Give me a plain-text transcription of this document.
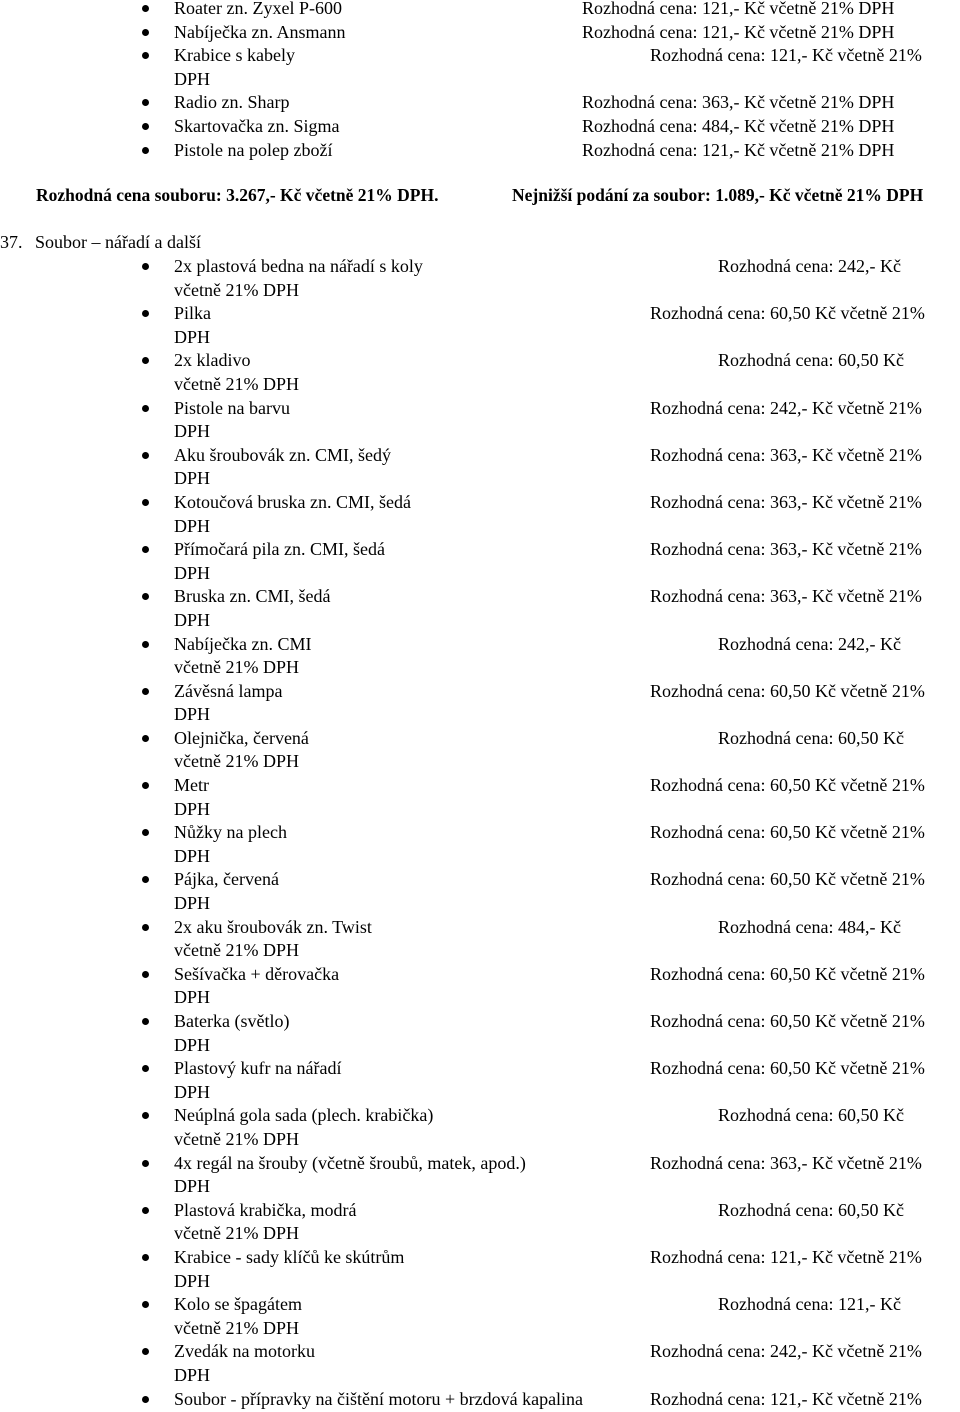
• Roater zn. Zyxel P-600	Rozhodná cena: 121,- Kč včetně 21% DPH
• Nabíječka zn. Ansmann	Rozhodná cena: 121,- Kč včetně 21% DPH
• Krabice s kabely	Rozhodná cena: 121,- Kč včetně 21%
DPH
• Radio zn. Sharp	Rozhodná cena: 363,- Kč včetně 21% DPH
• Skartovačka zn. Sigma	Rozhodná cena: 484,- Kč včetně 21% DPH
• Pistole na polep zboží	Rozhodná cena: 121,- Kč včetně 21% DPH
Rozhodná cena souboru: 3.267,- Kč včetně 21% DPH.	Nejnižší podání za soubor: 1.089,- Kč včetně 21% DPH
37. Soubor – nářadí a další
• 2x plastová bedna na nářadí s koly	Rozhodná cena: 242,- Kč
včetně 21% DPH
• Pilka	Rozhodná cena: 60,50 Kč včetně 21%
DPH
• 2x kladivo	Rozhodná cena: 60,50 Kč
včetně 21% DPH
• Pistole na barvu	Rozhodná cena: 242,- Kč včetně 21%
DPH
• Aku šroubovák zn. CMI, šedý	Rozhodná cena: 363,- Kč včetně 21%
DPH
• Kotoučová bruska zn. CMI, šedá	Rozhodná cena: 363,- Kč včetně 21%
DPH
• Přímočará pila zn. CMI, šedá	Rozhodná cena: 363,- Kč včetně 21%
DPH
• Bruska zn. CMI, šedá	Rozhodná cena: 363,- Kč včetně 21%
DPH
• Nabíječka zn. CMI	Rozhodná cena: 242,- Kč
včetně 21% DPH
• Závěsná lampa	Rozhodná cena: 60,50 Kč včetně 21%
DPH
• Olejnička, červená	Rozhodná cena: 60,50 Kč
včetně 21% DPH
• Metr	Rozhodná cena: 60,50 Kč včetně 21%
DPH
• Nůžky na plech	Rozhodná cena: 60,50 Kč včetně 21%
DPH
• Pájka, červená	Rozhodná cena: 60,50 Kč včetně 21%
DPH
• 2x aku šroubovák zn. Twist	Rozhodná cena: 484,- Kč
včetně 21% DPH
• Sešívačka + děrovačka	Rozhodná cena: 60,50 Kč včetně 21%
DPH
• Baterka (světlo)	Rozhodná cena: 60,50 Kč včetně 21%
DPH
• Plastový kufr na nářadí	Rozhodná cena: 60,50 Kč včetně 21%
DPH
• Neúplná gola sada (plech. krabička)	Rozhodná cena: 60,50 Kč
včetně 21% DPH
• 4x regál na šrouby (včetně šroubů, matek, apod.)	Rozhodná cena: 363,- Kč včetně 21%
DPH
• Plastová krabička, modrá	Rozhodná cena: 60,50 Kč
včetně 21% DPH
• Krabice - sady klíčů ke skútrům	Rozhodná cena: 121,- Kč včetně 21%
DPH
• Kolo se špagátem	Rozhodná cena: 121,- Kč
včetně 21% DPH
• Zvedák na motorku	Rozhodná cena: 242,- Kč včetně 21%
DPH
• Soubor - přípravky na čištění motoru + brzdová kapalina	Rozhodná cena: 121,- Kč včetně 21%
